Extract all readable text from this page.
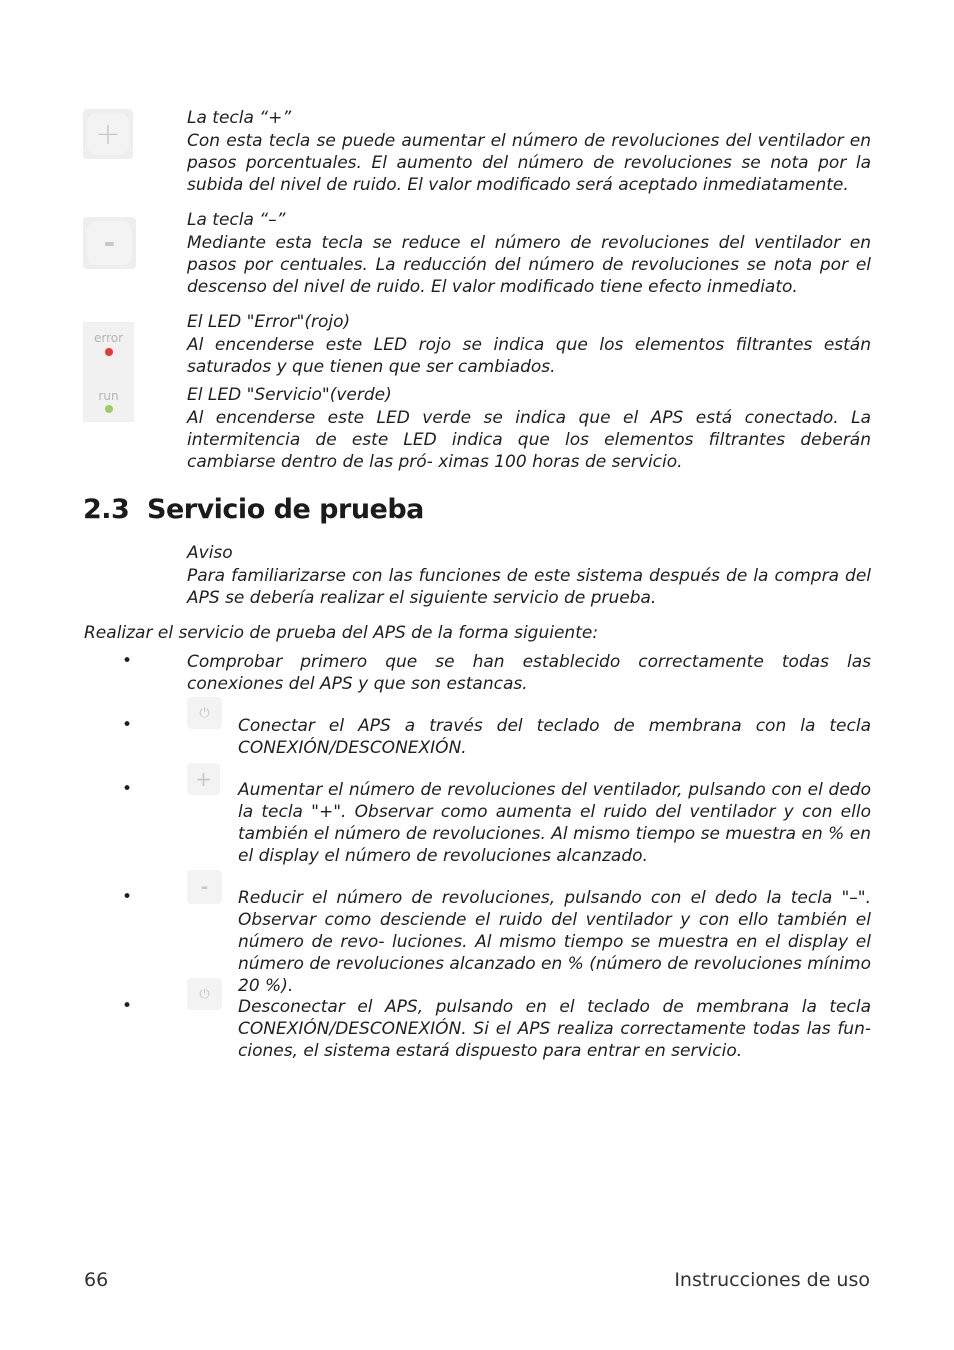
+	La tecla “+”
Con esta tecla se puede aumentar el número de revoluciones del ventilador en pasos porcentuales. El aumento del número de revoluciones se nota por la subida del nivel de ruido. El valor modificado será aceptado inmediatamente.
-
La tecla “–”
Mediante esta tecla se reduce el número de revoluciones del ventilador en pasos por centuales. La reducción del número de revoluciones se nota por el descenso del nivel de ruido. El valor modificado tiene efecto inmediato.
error
run
El LED "Error"(rojo)
Al encenderse este LED rojo se indica que los elementos filtrantes están saturados y que tienen que ser cambiados.
El LED "Servicio"(verde)
Al encenderse este LED verde se indica que el APS está conectado. La intermitencia de este LED indica que los elementos filtrantes deberán cambiarse dentro de las pró- ximas 100 horas de servicio.
2.3 Servicio de prueba
Aviso
Para familiarizarse con las funciones de este sistema después de la compra del APS se debería realizar el siguiente servicio de prueba.
Realizar el servicio de prueba del APS de la forma siguiente:
•	Comprobar primero que se han establecido correctamente todas las conexiones del APS y que son estancas.
•
⏻
Conectar el APS a través del teclado de membrana con la tecla CONEXIÓN/DESCONEXIÓN.
•	+ Aumentar el número de revoluciones del ventilador, pulsando con el dedo la tecla "+". Observar como aumenta el ruido del ventilador y con ello también el número de revoluciones. Al mismo tiempo se muestra en % en el display el número de revoluciones alcanzado.
•	-
Reducir el número de revoluciones, pulsando con el dedo la tecla "–". Observar como desciende el ruido del ventilador y con ello también el número de revo- luciones. Al mismo tiempo se muestra en el display el número de revoluciones alcanzado en % (número de revoluciones mínimo 20 %).
•
⏻
Desconectar el APS, pulsando en el teclado de membrana la tecla CONEXIÓN/DESCONEXIÓN. Si el APS realiza correctamente todas las fun- ciones, el sistema estará dispuesto para entrar en servicio.
66	Instrucciones de uso
